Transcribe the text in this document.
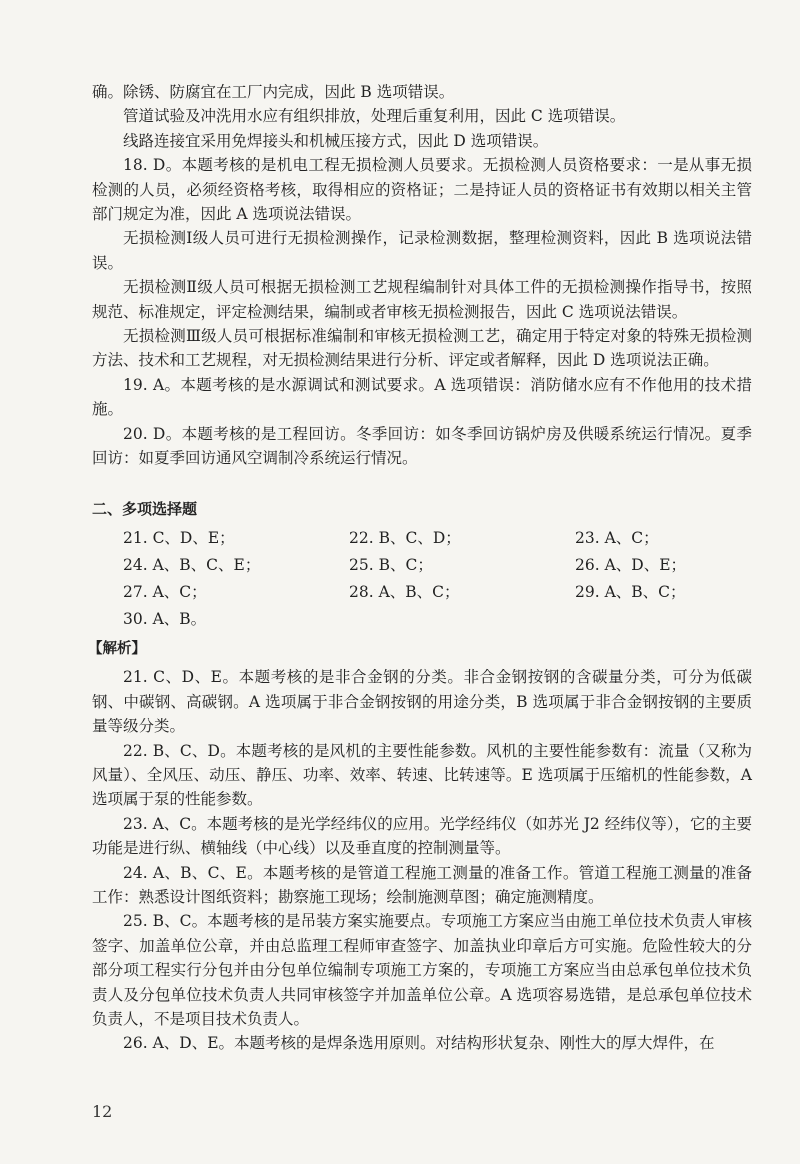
确。除锈、防腐宜在工厂内完成，因此 B 选项错误。

管道试验及冲洗用水应有组织排放，处理后重复利用，因此 C 选项错误。

线路连接宜采用免焊接头和机械压接方式，因此 D 选项错误。

18. D。本题考核的是机电工程无损检测人员要求。无损检测人员资格要求：一是从事无损检测的人员，必须经资格考核，取得相应的资格证；二是持证人员的资格证书有效期以相关主管部门规定为准，因此 A 选项说法错误。

无损检测Ⅰ级人员可进行无损检测操作，记录检测数据，整理检测资料，因此 B 选项说法错误。

无损检测Ⅱ级人员可根据无损检测工艺规程编制针对具体工件的无损检测操作指导书，按照规范、标准规定，评定检测结果，编制或者审核无损检测报告，因此 C 选项说法错误。

无损检测Ⅲ级人员可根据标准编制和审核无损检测工艺，确定用于特定对象的特殊无损检测方法、技术和工艺规程，对无损检测结果进行分析、评定或者解释，因此 D 选项说法正确。

19. A。本题考核的是水源调试和测试要求。A 选项错误：消防储水应有不作他用的技术措施。

20. D。本题考核的是工程回访。冬季回访：如冬季回访锅炉房及供暖系统运行情况。夏季回访：如夏季回访通风空调制冷系统运行情况。

二、多项选择题

21. C、D、E；	22. B、C、D；	23. A、C；
24. A、B、C、E；	25. B、C；	26. A、D、E；
27. A、C；	28. A、B、C；	29. A、B、C；
30. A、B。

【解析】

21. C、D、E。本题考核的是非合金钢的分类。非合金钢按钢的含碳量分类，可分为低碳钢、中碳钢、高碳钢。A 选项属于非合金钢按钢的用途分类，B 选项属于非合金钢按钢的主要质量等级分类。

22. B、C、D。本题考核的是风机的主要性能参数。风机的主要性能参数有：流量（又称为风量）、全风压、动压、静压、功率、效率、转速、比转速等。E 选项属于压缩机的性能参数，A 选项属于泵的性能参数。

23. A、C。本题考核的是光学经纬仪的应用。光学经纬仪（如苏光 J2 经纬仪等），它的主要功能是进行纵、横轴线（中心线）以及垂直度的控制测量等。

24. A、B、C、E。本题考核的是管道工程施工测量的准备工作。管道工程施工测量的准备工作：熟悉设计图纸资料；勘察施工现场；绘制施测草图；确定施测精度。

25. B、C。本题考核的是吊装方案实施要点。专项施工方案应当由施工单位技术负责人审核签字、加盖单位公章，并由总监理工程师审查签字、加盖执业印章后方可实施。危险性较大的分部分项工程实行分包并由分包单位编制专项施工方案的，专项施工方案应当由总承包单位技术负责人及分包单位技术负责人共同审核签字并加盖单位公章。A 选项容易选错，是总承包单位技术负责人，不是项目技术负责人。

26. A、D、E。本题考核的是焊条选用原则。对结构形状复杂、刚性大的厚大焊件，在

12
